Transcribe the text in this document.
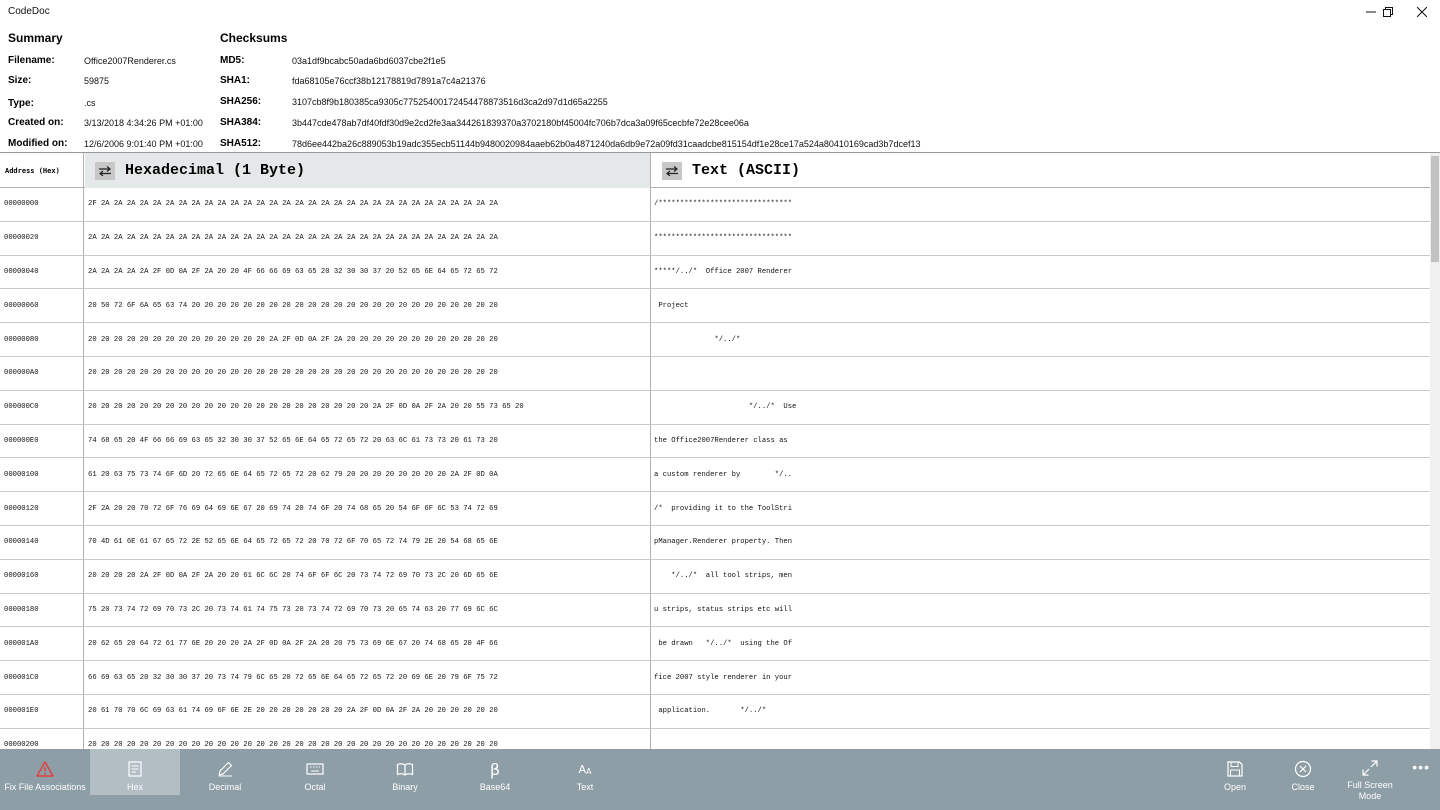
CodeDoc
Summary
Filename:	Office2007Renderer.cs
Size:	59875
Type:	.cs
Created on: 3/13/2018 4:34:26 PM +01:00
Modified on: 12/6/2006 9:01:40 PM +01:00
Checksums
MD5:	03a1df9bcabc50ada6bd6037cbe2f1e5
SHA1:	fda68105e76ccf38b12178819d7891a7c4a21376
SHA256:	3107cb8f9b180385ca9305c77525400172454478873516d3ca2d97d1d65a2255
SHA384:	3b447cde478ab7df40fdf30d9e2cd2fe3aa344261839370a3702180bf45004fc706b7dca3a09f65cecbfe72e28cee06a
SHA512:	78d6ee442ba26c889053b19adc355ecb51144b9480020984aaeb62b0a4871240da6db9e72a09fd31caadcbe815154df1e28ce17a524a80410169cad3b7dcef13
Address (Hex)	Hexadecimal (1 Byte)	Text (ASCII)
00000000	2F 2A 2A 2A 2A 2A 2A 2A 2A 2A 2A 2A 2A 2A 2A 2A 2A 2A 2A 2A 2A 2A 2A 2A 2A 2A 2A 2A 2A 2A 2A 2A	/*******************************
00000020	2A 2A 2A 2A 2A 2A 2A 2A 2A 2A 2A 2A 2A 2A 2A 2A 2A 2A 2A 2A 2A 2A 2A 2A 2A 2A 2A 2A 2A 2A 2A 2A	********************************
00000040	2A 2A 2A 2A 2A 2F 0D 0A 2F 2A 20 20 4F 66 66 69 63 65 20 32 30 30 37 20 52 65 6E 64 65 72 65 72	*****/../*  Office 2007 Renderer
00000060	20 50 72 6F 6A 65 63 74 20 20 20 20 20 20 20 20 20 20 20 20 20 20 20 20 20 20 20 20 20 20 20 20	Project
00000080	20 20 20 20 20 20 20 20 20 20 20 20 20 20 2A 2F 0D 0A 2F 2A 20 20 20 20 20 20 20 20 20 20 20 20	*/../*
000000A0	20 20 20 20 20 20 20 20 20 20 20 20 20 20 20 20 20 20 20 20 20 20 20 20 20 20 20 20 20 20 20 20
000000C0	20 20 20 20 20 20 20 20 20 20 20 20 20 20 20 20 20 20 20 20 20 20 2A 2F 0D 0A 2F 2A 20 20 55 73 65 20	*/../*  Use
000000E0	74 68 65 20 4F 66 66 69 63 65 32 30 30 37 52 65 6E 64 65 72 65 72 20 63 6C 61 73 73 20 61 73 20	the Office2007Renderer class as
00000100	61 20 63 75 73 74 6F 6D 20 72 65 6E 64 65 72 65 72 20 62 79 20 20 20 20 20 20 20 20 2A 2F 0D 0A	a custom renderer by        */..
00000120	2F 2A 20 20 70 72 6F 76 69 64 69 6E 67 20 69 74 20 74 6F 20 74 68 65 20 54 6F 6F 6C 53 74 72 69	/*  providing it to the ToolStri
00000140	70 4D 61 6E 61 67 65 72 2E 52 65 6E 64 65 72 65 72 20 70 72 6F 70 65 72 74 79 2E 20 54 68 65 6E	pManager.Renderer property. Then
00000160	20 20 20 20 2A 2F 0D 0A 2F 2A 20 20 61 6C 6C 20 74 6F 6F 6C 20 73 74 72 69 70 73 2C 20 6D 65 6E	*/../*  all tool strips, men
00000180	75 20 73 74 72 69 70 73 2C 20 73 74 61 74 75 73 20 73 74 72 69 70 73 20 65 74 63 20 77 69 6C 6C	u strips, status strips etc will
000001A0	20 62 65 20 64 72 61 77 6E 20 20 20 2A 2F 0D 0A 2F 2A 20 20 75 73 69 6E 67 20 74 68 65 20 4F 66	be drawn   */../*  using the Of
000001C0	66 69 63 65 20 32 30 30 37 20 73 74 79 6C 65 20 72 65 6E 64 65 72 65 72 20 69 6E 20 79 6F 75 72	fice 2007 style renderer in your
000001E0	20 61 70 70 6C 69 63 61 74 69 6F 6E 2E 20 20 20 20 20 20 20 2A 2F 0D 0A 2F 2A 20 20 20 20 20 20	application.       */../*
00000200	20 20 20 20 20 20 20 20 20 20 20 20 20 20 20 20 20 20 20 20 20 20 20 20 20 20 20 20 20 20 20 20
Fix File Associations	Hex	Decimal	Octal	Binary
β
Base64
A A
Text	Open	Close	Full Screen
Mode
•••
